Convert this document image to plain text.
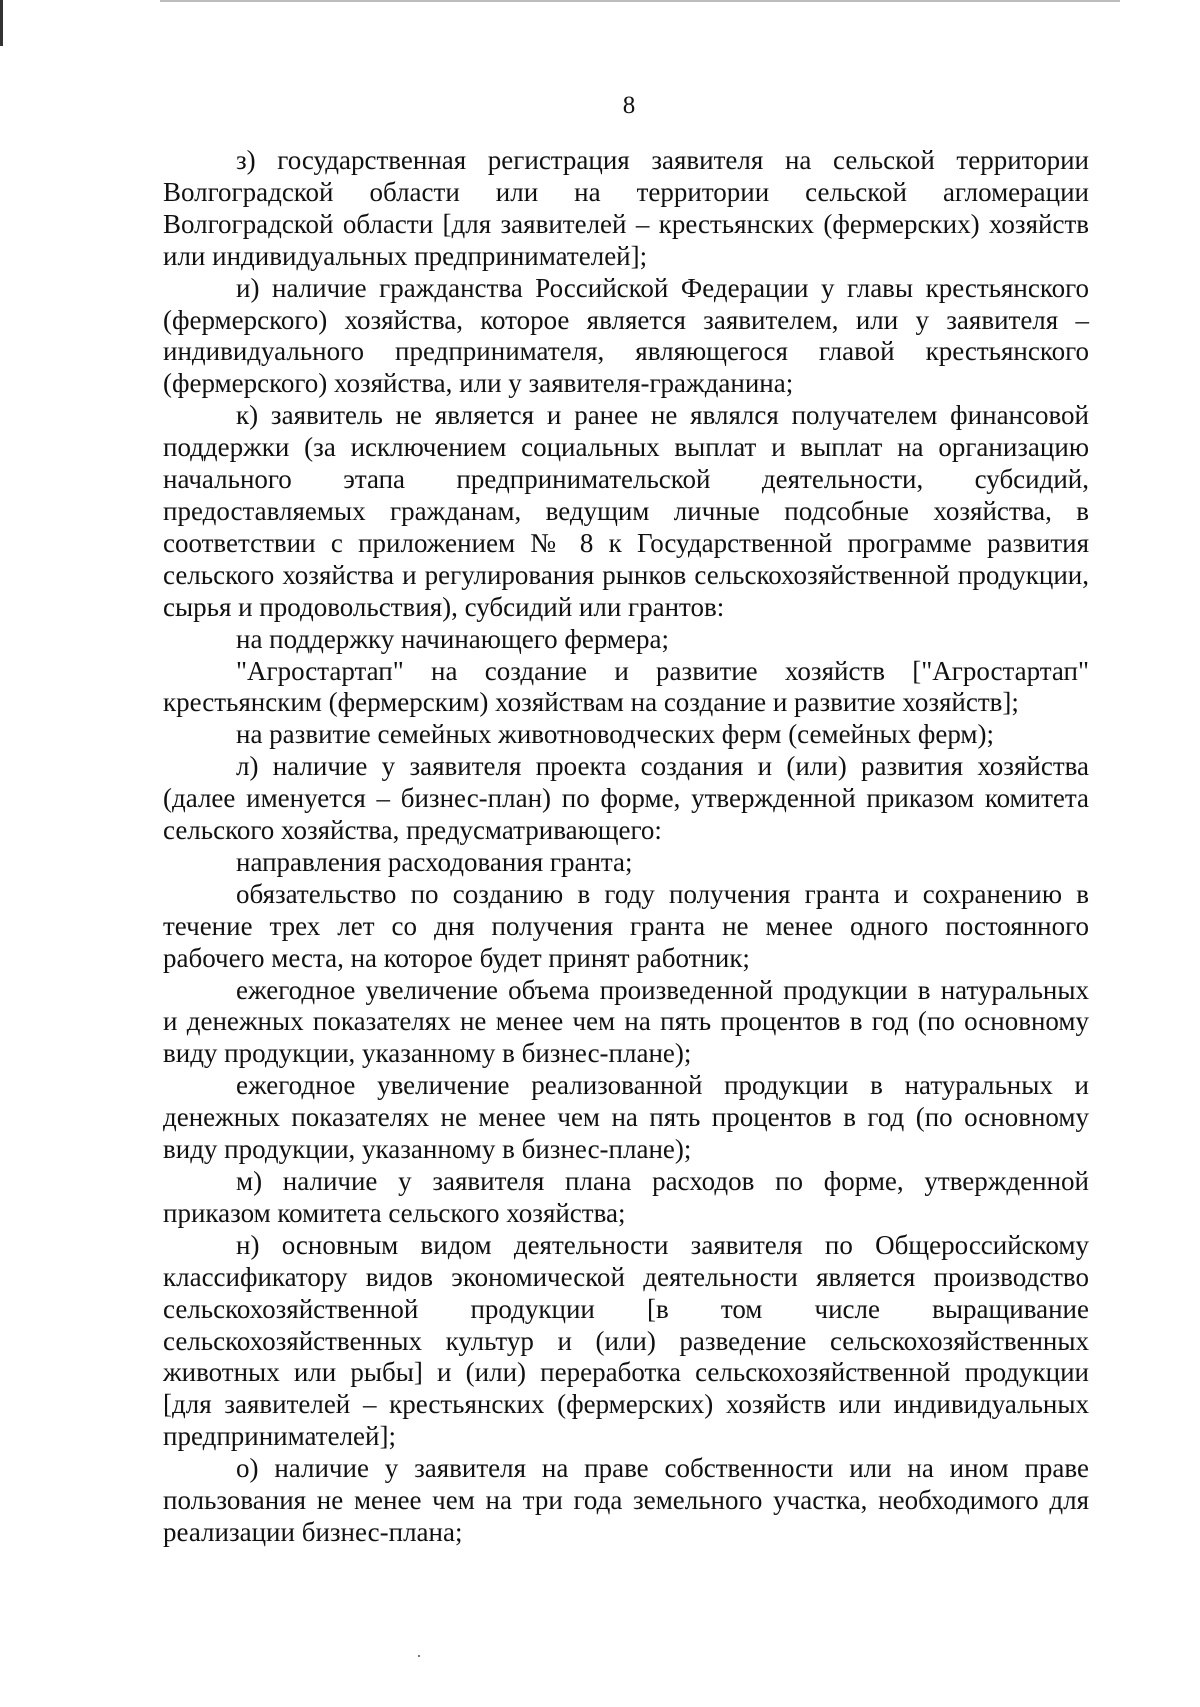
8

з) государственная регистрация заявителя на сельской территории Волгоградской области или на территории сельской агломерации Волгоградской области [для заявителей – крестьянских (фермерских) хозяйств или индивидуальных предпринимателей];

и) наличие гражданства Российской Федерации у главы крестьянского (фермерского) хозяйства, которое является заявителем, или у заявителя – индивидуального предпринимателя, являющегося главой крестьянского (фермерского) хозяйства, или у заявителя-гражданина;

к) заявитель не является и ранее не являлся получателем финансовой поддержки (за исключением социальных выплат и выплат на организацию начального этапа предпринимательской деятельности, субсидий, предоставляемых гражданам, ведущим личные подсобные хозяйства, в соответствии с приложением № 8 к Государственной программе развития сельского хозяйства и регулирования рынков сельскохозяйственной продукции, сырья и продовольствия), субсидий или грантов:

на поддержку начинающего фермера;

"Агростартап" на создание и развитие хозяйств ["Агростартап" крестьянским (фермерским) хозяйствам на создание и развитие хозяйств];

на развитие семейных животноводческих ферм (семейных ферм);

л) наличие у заявителя проекта создания и (или) развития хозяйства (далее именуется – бизнес-план) по форме, утвержденной приказом комитета сельского хозяйства, предусматривающего:

направления расходования гранта;

обязательство по созданию в году получения гранта и сохранению в течение трех лет со дня получения гранта не менее одного постоянного рабочего места, на которое будет принят работник;

ежегодное увеличение объема произведенной продукции в натуральных и денежных показателях не менее чем на пять процентов в год (по основному виду продукции, указанному в бизнес-плане);

ежегодное увеличение реализованной продукции в натуральных и денежных показателях не менее чем на пять процентов в год (по основному виду продукции, указанному в бизнес-плане);

м) наличие у заявителя плана расходов по форме, утвержденной приказом комитета сельского хозяйства;

н) основным видом деятельности заявителя по Общероссийскому классификатору видов экономической деятельности является производство сельскохозяйственной продукции [в том числе выращивание сельскохозяйственных культур и (или) разведение сельскохозяйственных животных или рыбы] и (или) переработка сельскохозяйственной продукции [для заявителей – крестьянских (фермерских) хозяйств или индивидуальных предпринимателей];

о) наличие у заявителя на праве собственности или на ином праве пользования не менее чем на три года земельного участка, необходимого для реализации бизнес-плана;
